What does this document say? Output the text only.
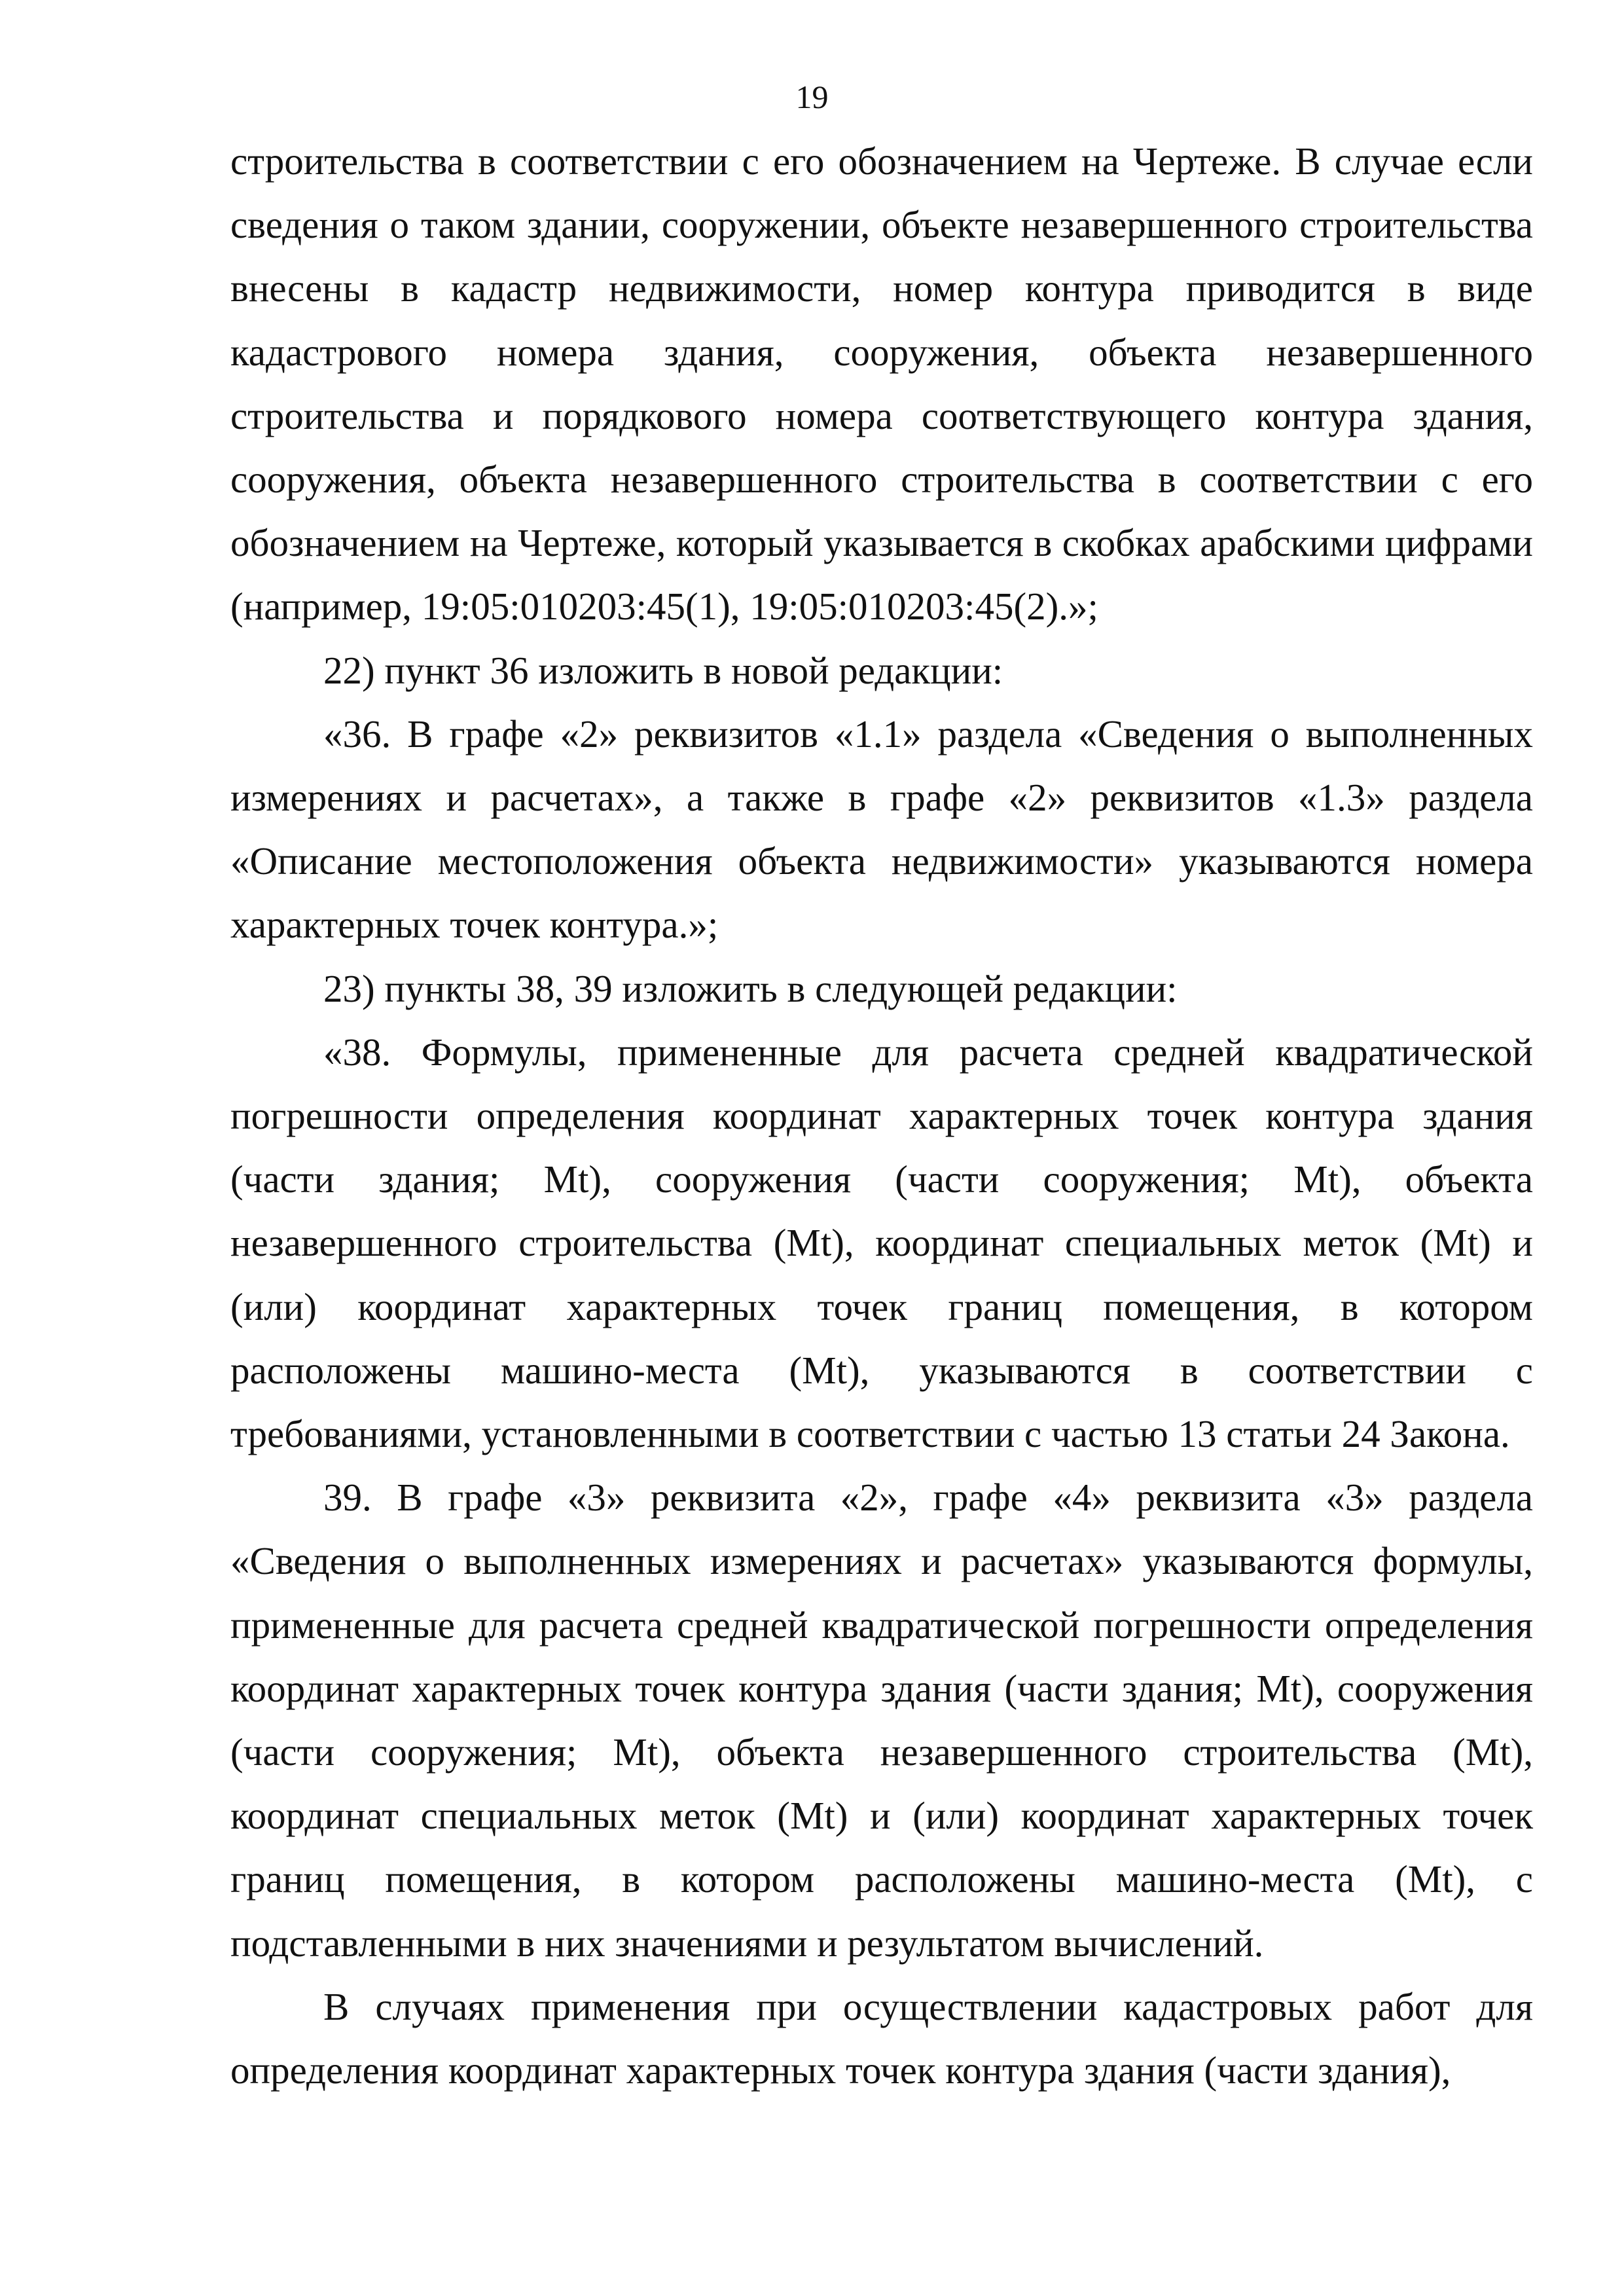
19

строительства в соответствии с его обозначением на Чертеже. В случае если сведения о таком здании, сооружении, объекте незавершенного строительства внесены в кадастр недвижимости, номер контура приводится в виде кадастрового номера здания, сооружения, объекта незавершенного строительства и порядкового номера соответствующего контура здания, сооружения, объекта незавершенного строительства в соответствии с его обозначением на Чертеже, который указывается в скобках арабскими цифрами (например, 19:05:010203:45(1), 19:05:010203:45(2).»;

22) пункт 36 изложить в новой редакции:

«36. В графе «2» реквизитов «1.1» раздела «Сведения о выполненных измерениях и расчетах», а также в графе «2» реквизитов «1.3» раздела «Описание местоположения объекта недвижимости» указываются номера характерных точек контура.»;

23) пункты 38, 39 изложить в следующей редакции:

«38. Формулы, примененные для расчета средней квадратической погрешности определения координат характерных точек контура здания (части здания; Mt), сооружения (части сооружения; Mt), объекта незавершенного строительства (Mt), координат специальных меток (Mt) и (или) координат характерных точек границ помещения, в котором расположены машино-места (Mt), указываются в соответствии с требованиями, установленными в соответствии с частью 13 статьи 24 Закона.

39. В графе «3» реквизита «2», графе «4» реквизита «3» раздела «Сведения о выполненных измерениях и расчетах» указываются формулы, примененные для расчета средней квадратической погрешности определения координат характерных точек контура здания (части здания; Mt), сооружения (части сооружения; Mt), объекта незавершенного строительства (Mt), координат специальных меток (Mt) и (или) координат характерных точек границ помещения, в котором расположены машино-места (Mt), с подставленными в них значениями и результатом вычислений.

В случаях применения при осуществлении кадастровых работ для определения координат характерных точек контура здания (части здания),
